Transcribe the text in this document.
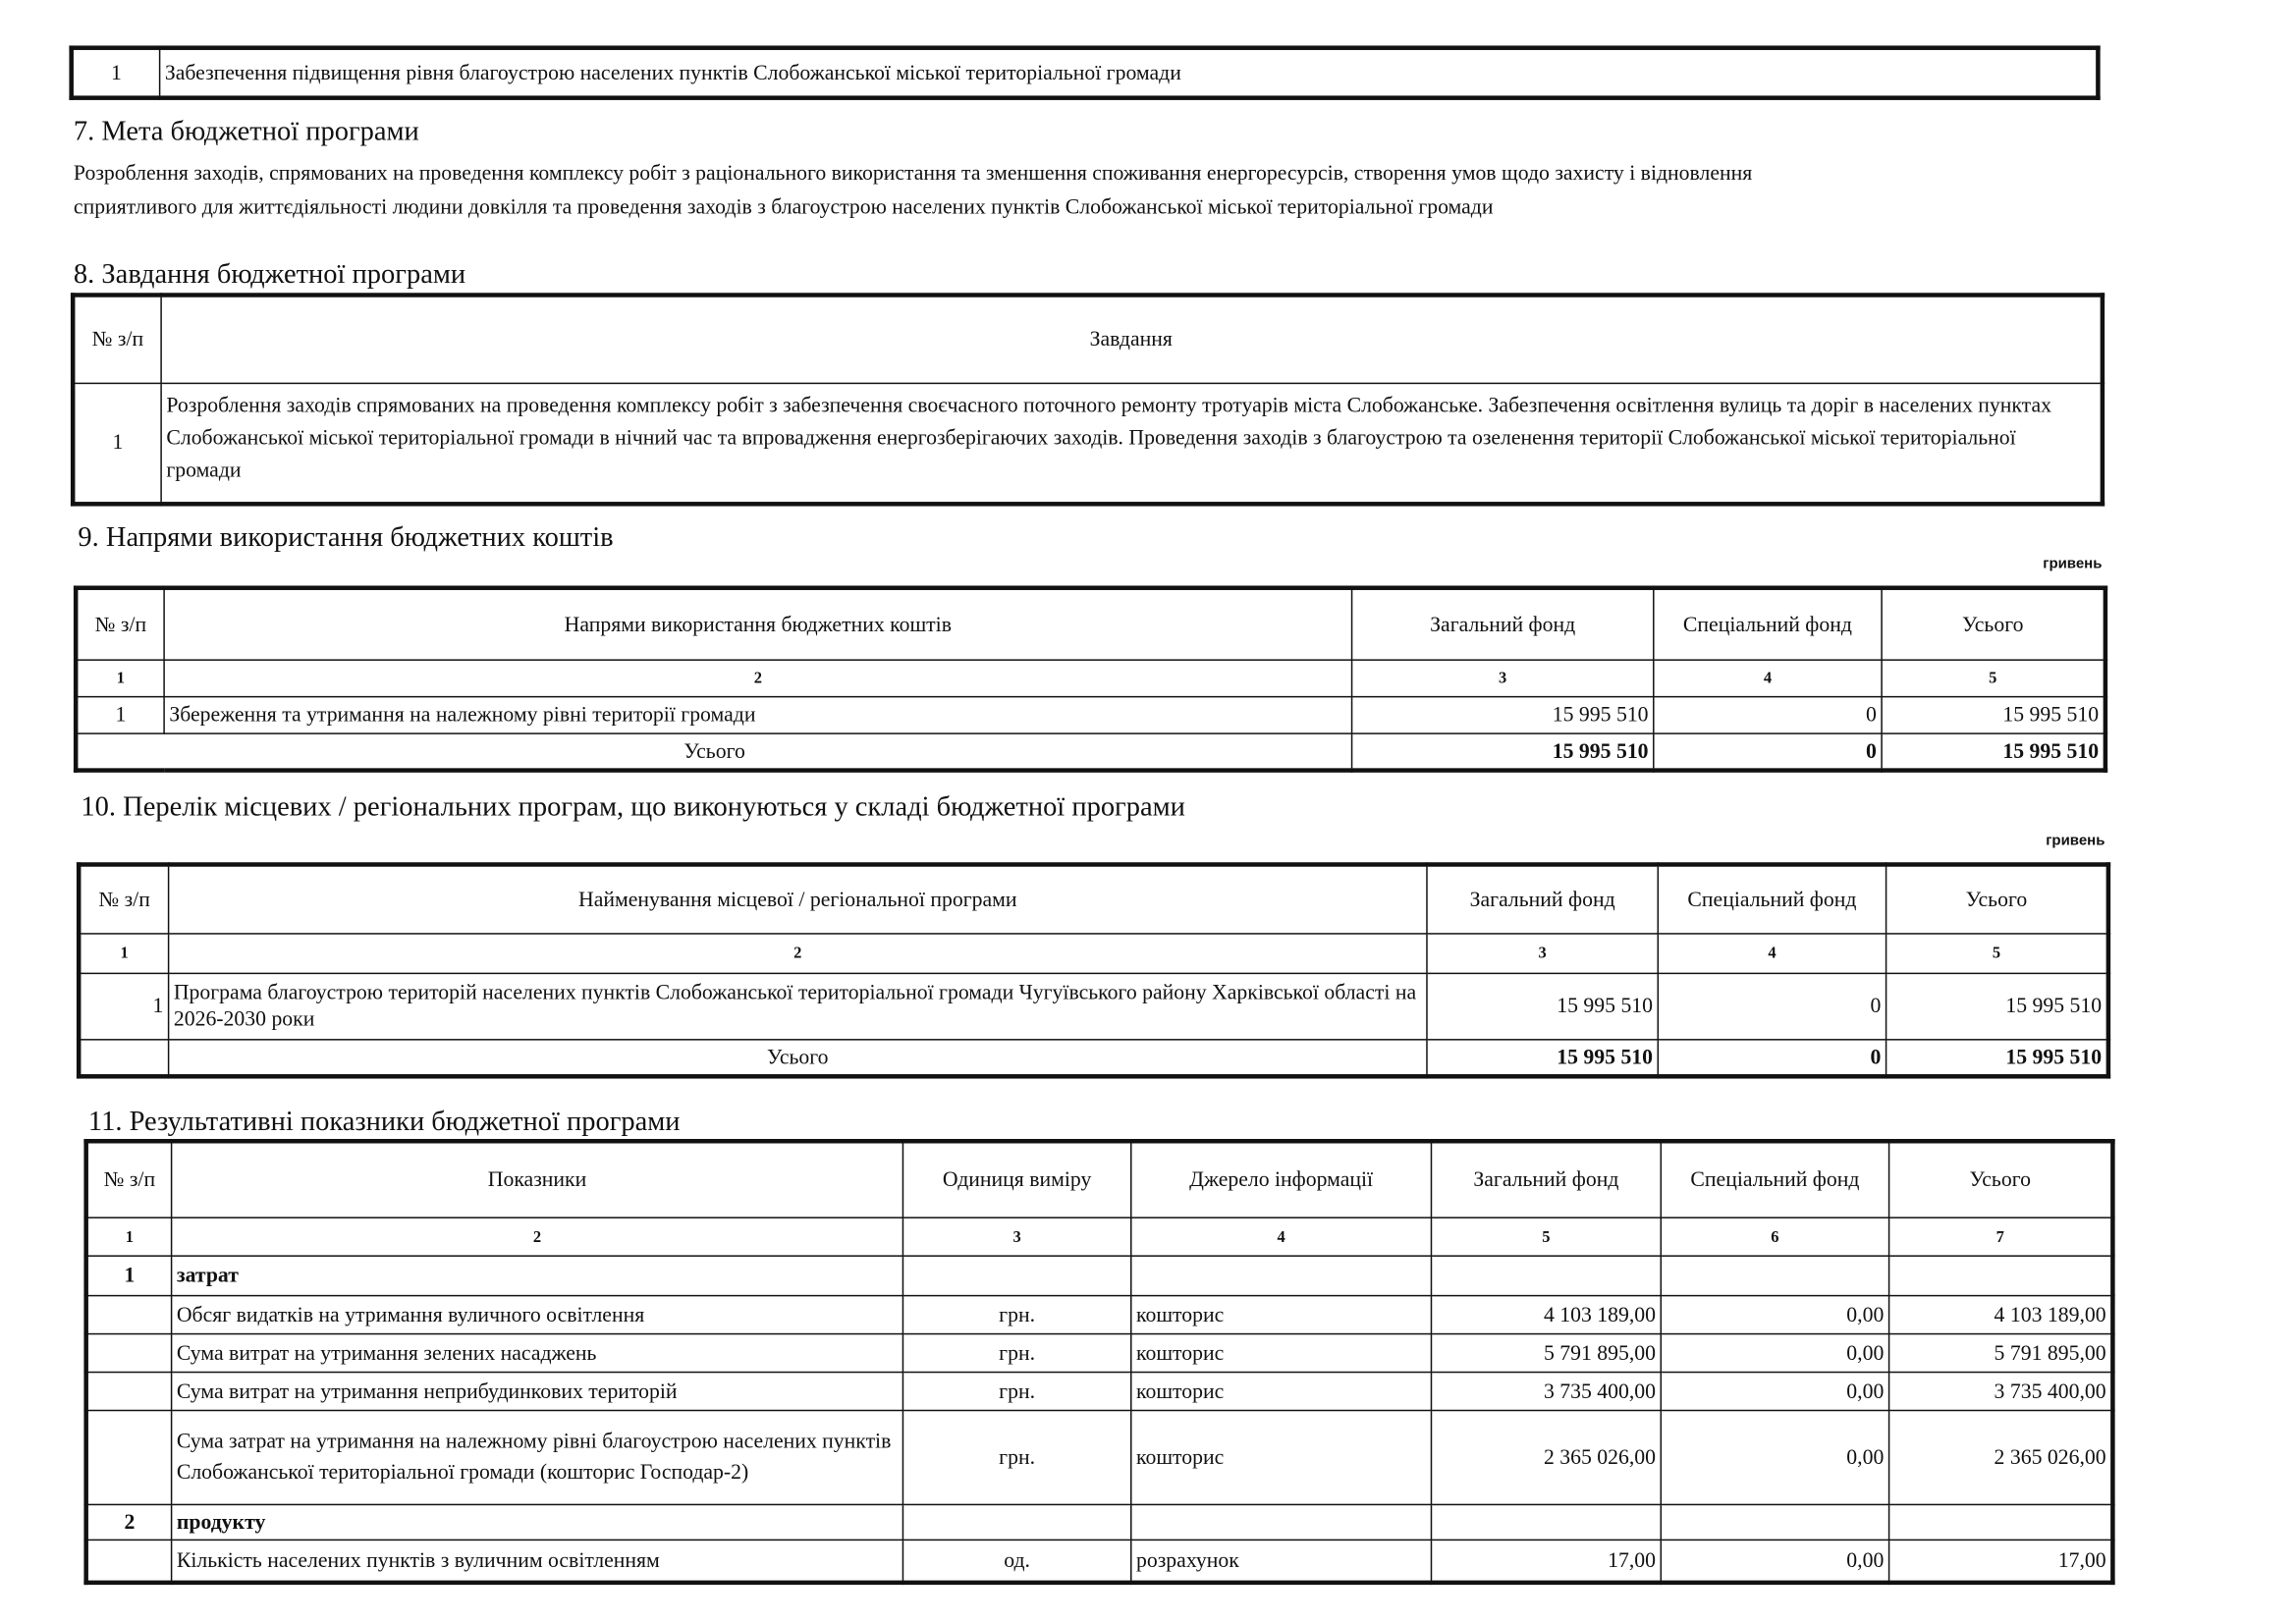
1	Забезпечення підвищення рівня благоустрою населених пунктів Слобожанської міської територіальної громади
7. Мета бюджетної програми

Розроблення заходів, спрямованих на проведення комплексу робіт з раціонального використання та зменшення споживання енергоресурсів, створення умов щодо захисту і відновлення
сприятливого для життєдіяльності людини довкілля та проведення заходів з благоустрою населених пунктів Слобожанської міської територіальної громади

8. Завдання бюджетної програми
№ з/п	Завдання
1	Розроблення заходів спрямованих на проведення комплексу робіт з забезпечення своєчасного поточного ремонту тротуарів міста Слобожанське. Забезпечення освітлення вулиць та доріг в населених пунктах Слобожанської міської територіальної громади в нічний час та впровадження енергозберігаючих заходів. Проведення заходів з благоустрою та озеленення території Слобожанської міської територіальної громади
9. Напрями використання бюджетних коштів
гривень
№ з/п	Напрями використання бюджетних коштів	Загальний фонд	Спеціальний фонд	Усього
1	2	3	4	5
1	Збереження та утримання на належному рівні території громади	15 995 510	0	15 995 510
Усього		15 995 510	0	15 995 510
10. Перелік місцевих / регіональних програм, що виконуються у складі бюджетної програми
гривень
№ з/п	Найменування місцевої / регіональної програми	Загальний фонд	Спеціальний фонд	Усього
1	2	3	4	5
1	Програма благоустрою територій населених пунктів Слобожанської територіальної громади Чугуївського району Харківської області на 2026-2030 роки	15 995 510	0	15 995 510
	Усього	15 995 510	0	15 995 510
11. Результативні показники бюджетної програми
№ з/п	Показники	Одиниця виміру	Джерело інформації	Загальний фонд	Спеціальний фонд	Усього
1	2	3	4	5	6	7
1	затрат					
	Обсяг видатків на утримання вуличного освітлення	грн.	кошторис	4 103 189,00	0,00	4 103 189,00
	Сума витрат на утримання зелених насаджень	грн.	кошторис	5 791 895,00	0,00	5 791 895,00
	Сума витрат на утримання неприбудинкових територій	грн.	кошторис	3 735 400,00	0,00	3 735 400,00
	Сума затрат на утримання на належному рівні благоустрою населених пунктів Слобожанської територіальної громади (кошторис Господар-2)	грн.	кошторис	2 365 026,00	0,00	2 365 026,00
2	продукту					
	Кількість населених пунктів з вуличним освітленням	од.	розрахунок	17,00	0,00	17,00
